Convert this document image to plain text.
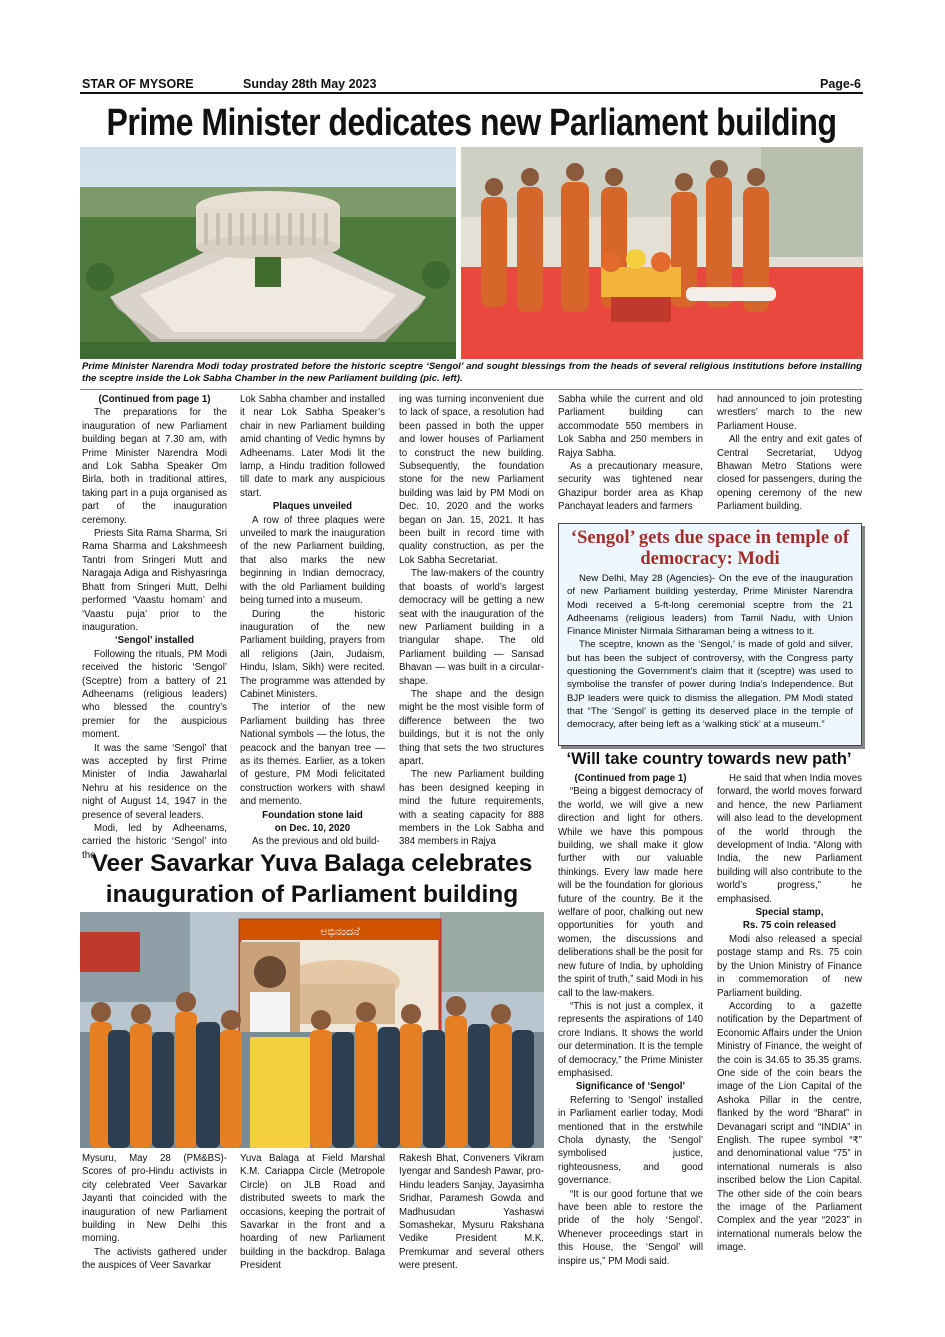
STAR OF MYSORE	Sunday 28th May 2023	Page-6
Prime Minister dedicates new Parliament building
Prime Minister Narendra Modi today prostrated before the historic sceptre ‘Sengol’ and sought blessings from the heads of several religious institutions before installing the sceptre inside the Lok Sabha Chamber in the new Parliament building (pic. left).

(Continued from page 1)

The preparations for the inauguration of new Parliament building began at 7.30 am, with Prime Minister Narendra Modi and Lok Sabha Speaker Om Birla, both in traditional attires, taking part in a puja organised as part of the inauguration ceremony.

Priests Sita Rama Sharma, Sri Rama Sharma and Lakshmeesh Tantri from Sringeri Mutt and Naragaja Adiga and Rishyasringa Bhatt from Sringeri Mutt, Delhi performed ‘Vaastu homam’ and ‘Vaastu puja’ prior to the inauguration.

‘Sengol’ installed

Following the rituals, PM Modi received the historic ‘Sengol’ (Sceptre) from a battery of 21 Adheenams (religious leaders) who blessed the country’s premier for the auspicious moment.

It was the same ‘Sengol’ that was accepted by first Prime Minister of India Jawaharlal Nehru at his residence on the night of August 14, 1947 in the presence of several leaders.

Modi, led by Adheenams, carried the historic ‘Sengol’ into the

Lok Sabha chamber and installed it near Lok Sabha Speaker’s chair in new Parliament building amid chanting of Vedic hymns by Adheenams. Later Modi lit the lamp, a Hindu tradition followed till date to mark any auspicious start.

Plaques unveiled

A row of three plaques were unveiled to mark the inauguration of the new Parliament building, that also marks the new beginning in Indian democracy, with the old Parliament building being turned into a museum.

During the historic inauguration of the new Parliament building, prayers from all religions (Jain, Judaism, Hindu, Islam, Sikh) were recited. The programme was attended by Cabinet Ministers.

The interior of the new Parliament building has three National symbols — the lotus, the peacock and the banyan tree — as its themes. Earlier, as a token of gesture, PM Modi felicitated construction workers with shawl and memento.

Foundation stone laid

on Dec. 10, 2020

As the previous and old build-

ing was turning inconvenient due to lack of space, a resolution had been passed in both the upper and lower houses of Parliament to construct the new building. Subsequently, the foundation stone for the new Parliament building was laid by PM Modi on Dec. 10, 2020 and the works began on Jan. 15, 2021. It has been built in record time with quality construction, as per the Lok Sabha Secretariat.

The law-makers of the country that boasts of world’s largest democracy will be getting a new seat with the inauguration of the new Parliament building in a triangular shape. The old Parliament building — Sansad Bhavan — was built in a circular-shape.

The shape and the design might be the most visible form of difference between the two buildings, but it is not the only thing that sets the two structures apart.

The new Parliament building has been designed keeping in mind the future requirements, with a seating capacity for 888 members in the Lok Sabha and 384 members in Rajya

Sabha while the current and old Parliament building can accommodate 550 members in Lok Sabha and 250 members in Rajya Sabha.

As a precautionary measure, security was tightened near Ghazipur border area as Khap Panchayat leaders and farmers

had announced to join protesting wrestlers’ march to the new Parliament House.

All the entry and exit gates of Central Secretariat, Udyog Bhawan Metro Stations were closed for passengers, during the opening ceremony of the new Parliament building.

‘Sengol’ gets due space in temple of democracy: Modi

New Delhi, May 28 (Agencies)- On the eve of the inauguration of new Parliament building yesterday, Prime Minister Narendra Modi received a 5-ft-long ceremonial sceptre from the 21 Adheenams (religious leaders) from Tamil Nadu, with Union Finance Minister Nirmala Sitharaman being a witness to it.

The sceptre, known as the ‘Sengol,’ is made of gold and silver, but has been the subject of controversy, with the Congress party questioning the Government’s claim that it (sceptre) was used to symbolise the transfer of power during India’s Independence. But BJP leaders were quick to dismiss the allegation. PM Modi stated that “The ‘Sengol’ is getting its deserved place in the temple of democracy, after being left as a ‘walking stick’ at a museum.”

‘Will take country towards new path’

(Continued from page 1)

“Being a biggest democracy of the world, we will give a new direction and light for others. While we have this pompous building, we shall make it glow further with our valuable thinkings. Every law made here will be the foundation for glorious future of the country. Be it the welfare of poor, chalking out new opportunities for youth and women, the discussions and deliberations shall be the posit for new future of India, by upholding the spirit of truth,” said Modi in his call to the law-makers.

“This is not just a complex, it represents the aspirations of 140 crore Indians. It shows the world our determination. It is the temple of democracy,” the Prime Minister emphasised.

Significance of ‘Sengol’

Referring to ‘Sengol’ installed in Parliament earlier today, Modi mentioned that in the erstwhile Chola dynasty, the ‘Sengol’ symbolised justice, righteousness, and good governance.

“It is our good fortune that we have been able to restore the pride of the holy ‘Sengol’. Whenever proceedings start in this House, the ‘Sengol’ will inspire us,” PM Modi said.

He said that when India moves forward, the world moves forward and hence, the new Parliament will also lead to the development of the world through the development of India. “Along with India, the new Parliament building will also contribute to the world’s progress,” he emphasised.

Special stamp,

Rs. 75 coin released

Modi also released a special postage stamp and Rs. 75 coin by the Union Ministry of Finance in commemoration of new Parliament building.

According to a gazette notification by the Department of Economic Affairs under the Union Ministry of Finance, the weight of the coin is 34.65 to 35.35 grams. One side of the coin bears the image of the Lion Capital of the Ashoka Pillar in the centre, flanked by the word “Bharat” in Devanagari script and “INDIA” in English. The rupee symbol “₹” and denominational value “75” in international numerals is also inscribed below the Lion Capital. The other side of the coin bears the image of the Parliament Complex and the year “2023” in international numerals below the image.

Veer Savarkar Yuva Balaga celebrates
inauguration of Parliament building
ಅಭಿನಂದನೆ

Mysuru, May 28 (PM&BS)- Scores of pro-Hindu activists in city celebrated Veer Savarkar Jayanti that coincided with the inauguration of new Parliament building in New Delhi this morning.

The activists gathered under the auspices of Veer Savarkar

Yuva Balaga at Field Marshal K.M. Cariappa Circle (Metropole Circle) on JLB Road and distributed sweets to mark the occasions, keeping the portrait of Savarkar in the front and a hoarding of new Parliament building in the backdrop. Balaga President

Rakesh Bhat, Conveners Vikram Iyengar and Sandesh Pawar, pro-Hindu leaders Sanjay, Jayasimha Sridhar, Paramesh Gowda and Madhusudan Yashaswi Somashekar, Mysuru Rakshana Vedike President M.K. Premkumar and several others were present.
